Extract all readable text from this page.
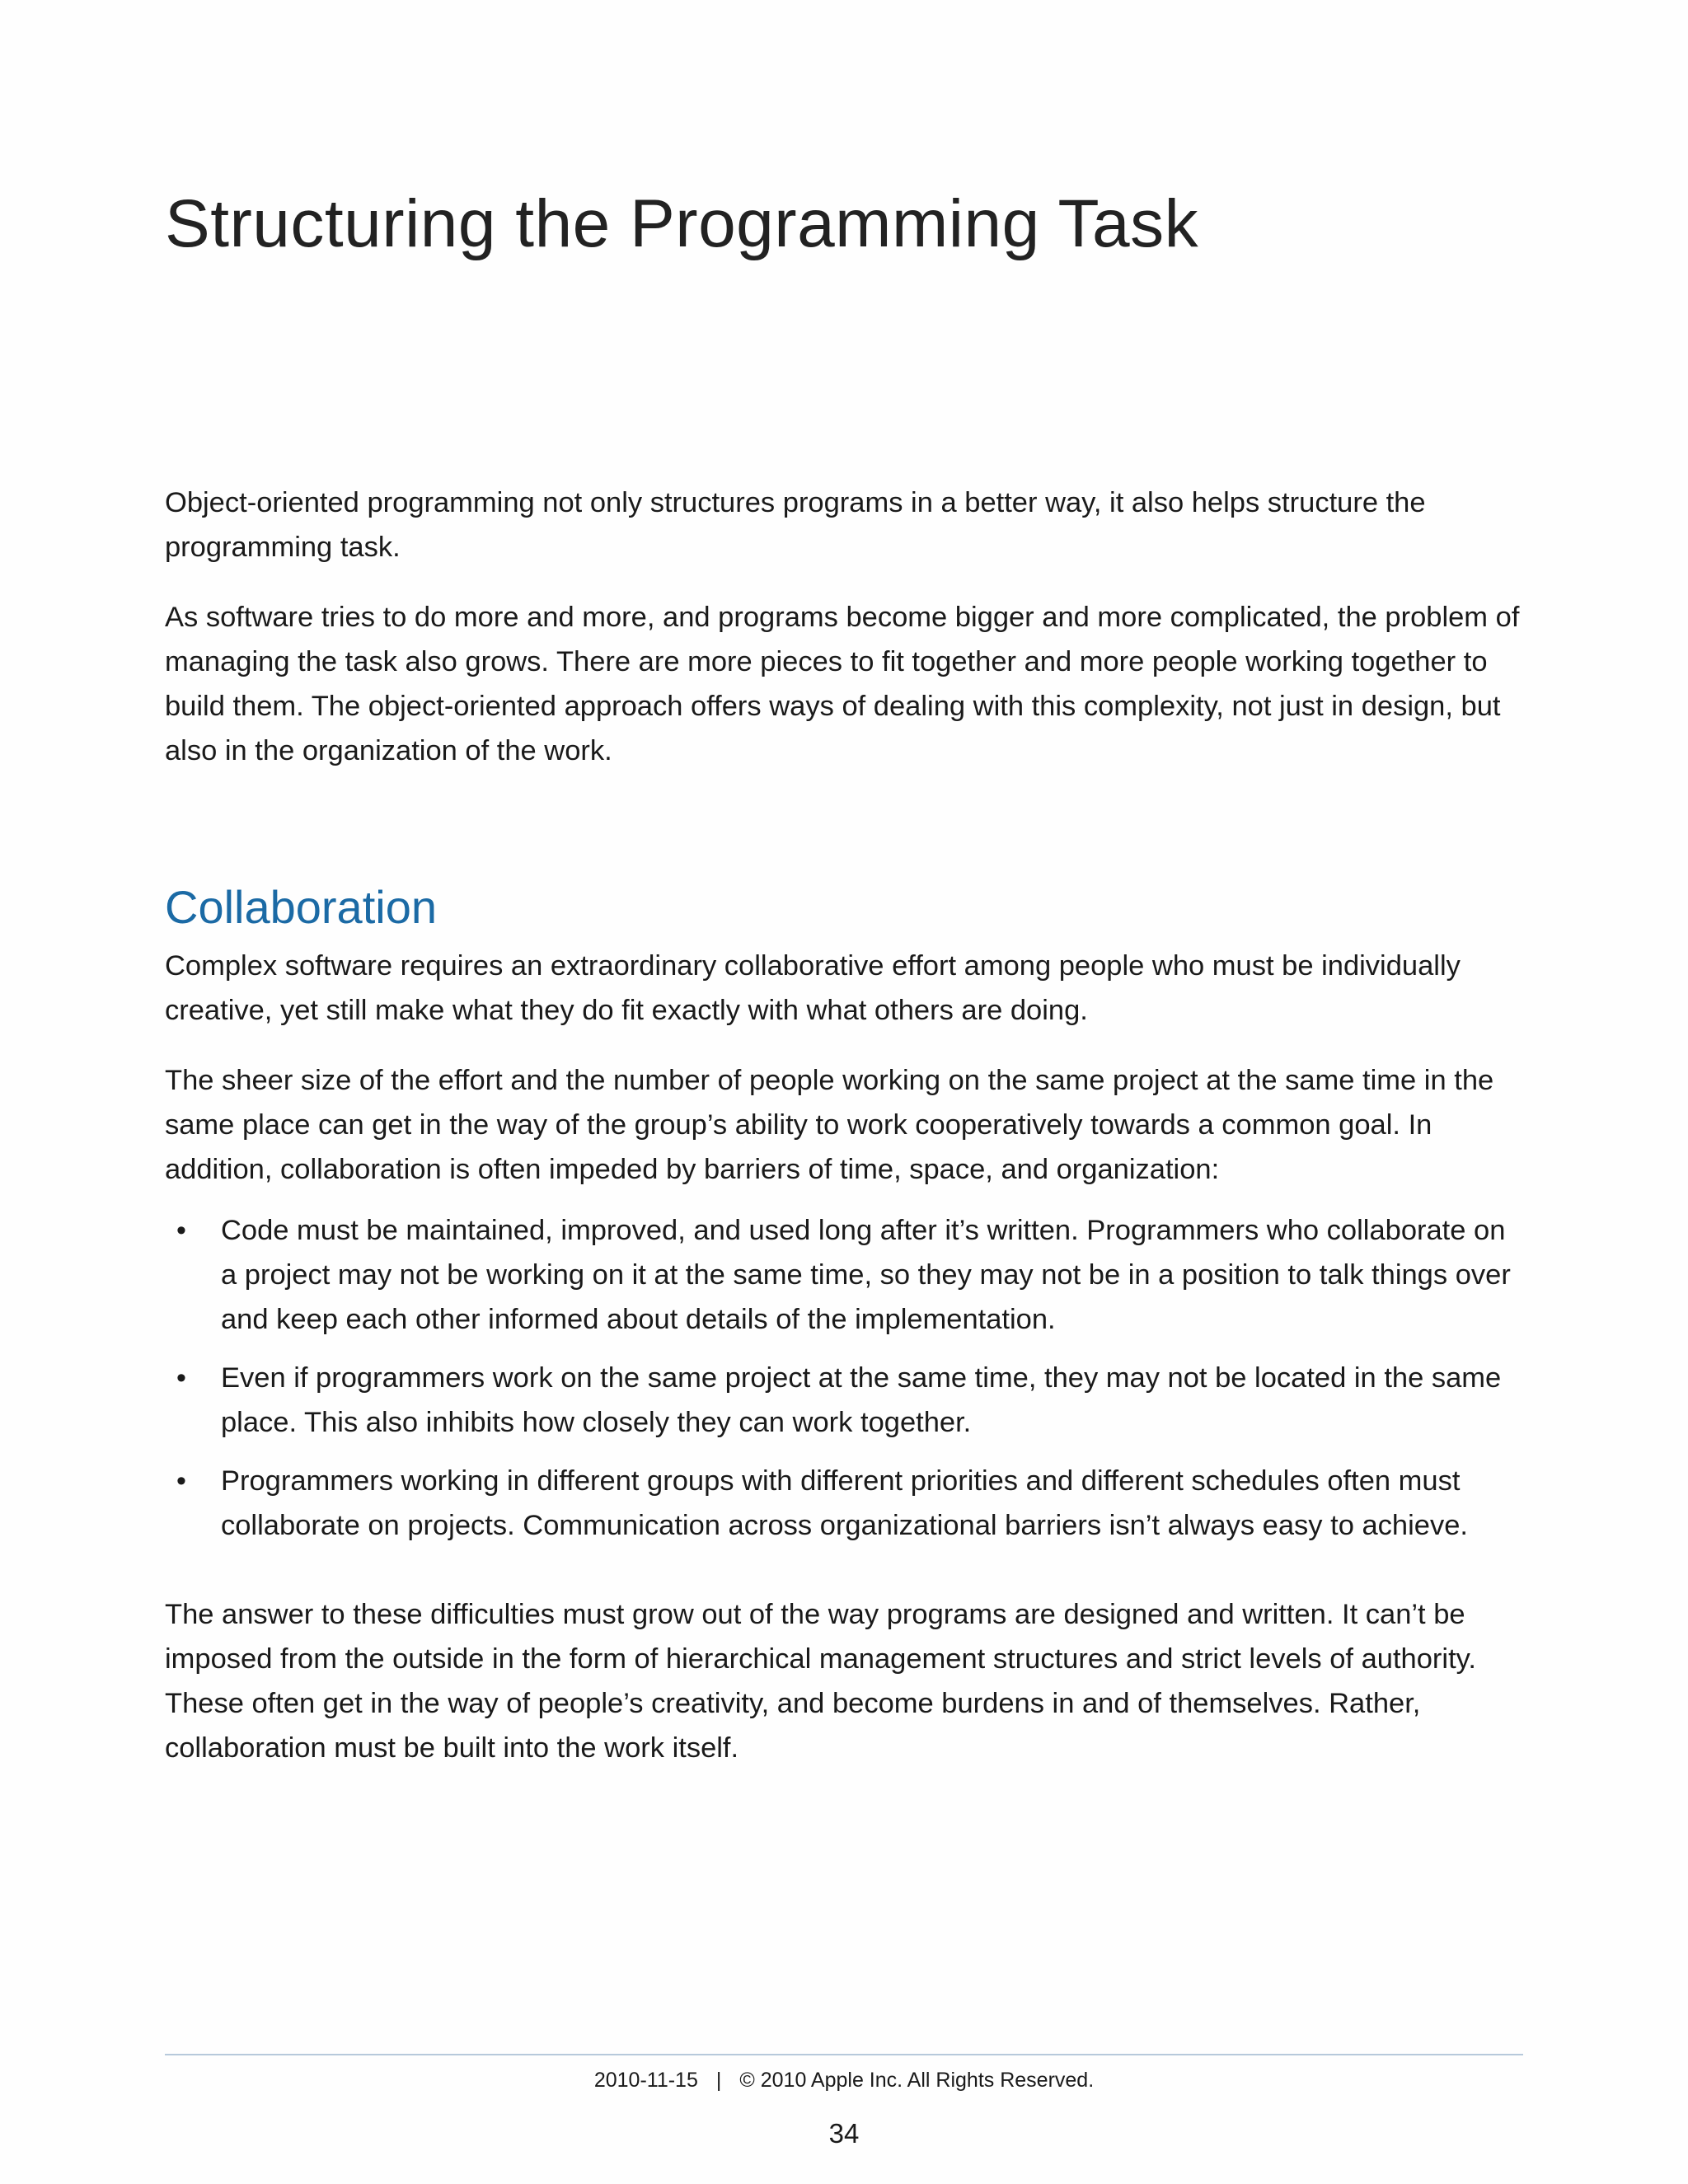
Structuring the Programming Task

Object-oriented programming not only structures programs in a better way, it also helps structure the programming task.

As software tries to do more and more, and programs become bigger and more complicated, the problem of managing the task also grows. There are more pieces to fit together and more people working together to build them. The object-oriented approach offers ways of dealing with this complexity, not just in design, but also in the organization of the work.

Collaboration

Complex software requires an extraordinary collaborative effort among people who must be individually creative, yet still make what they do fit exactly with what others are doing.

The sheer size of the effort and the number of people working on the same project at the same time in the same place can get in the way of the group’s ability to work cooperatively towards a common goal. In addition, collaboration is often impeded by barriers of time, space, and organization:

• Code must be maintained, improved, and used long after it’s written. Programmers who collaborate on a project may not be working on it at the same time, so they may not be in a position to talk things over and keep each other informed about details of the implementation.
• Even if programmers work on the same project at the same time, they may not be located in the same place. This also inhibits how closely they can work together.
• Programmers working in different groups with different priorities and different schedules often must collaborate on projects. Communication across organizational barriers isn’t always easy to achieve.

The answer to these difficulties must grow out of the way programs are designed and written. It can’t be imposed from the outside in the form of hierarchical management structures and strict levels of authority. These often get in the way of people’s creativity, and become burdens in and of themselves. Rather, collaboration must be built into the work itself.

2010-11-15 | © 2010 Apple Inc. All Rights Reserved.
34
